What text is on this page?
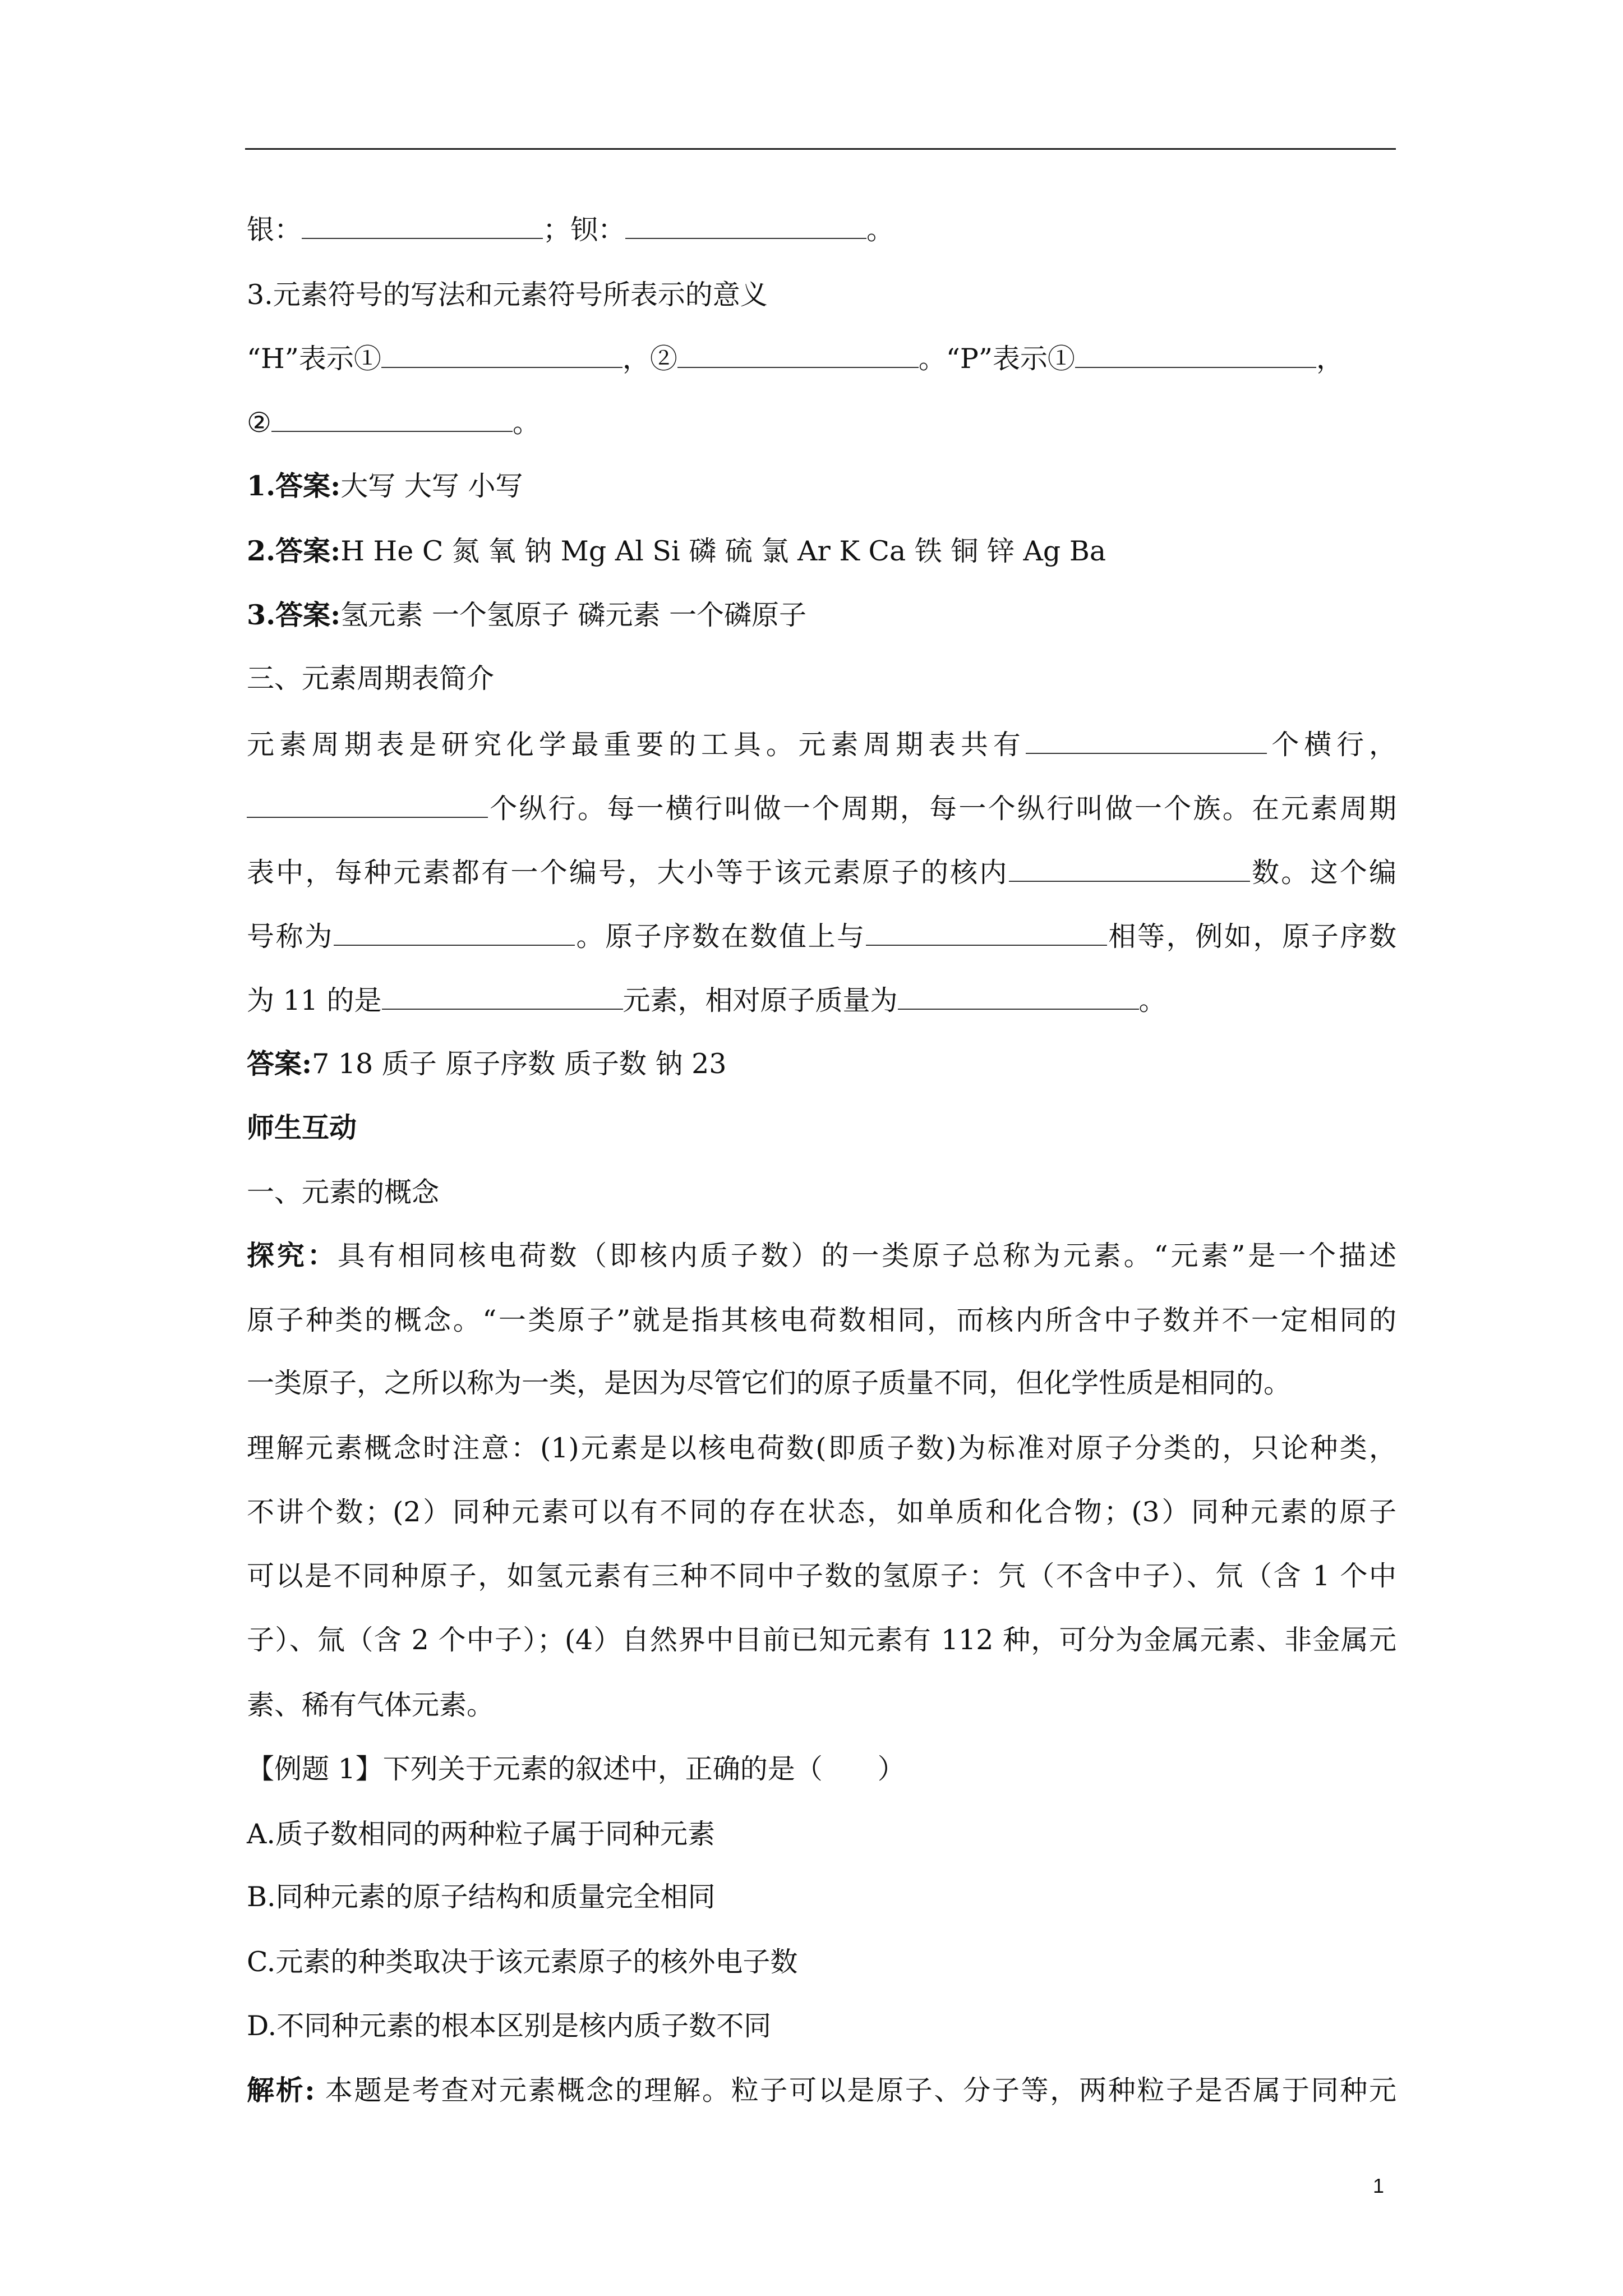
银：	；钡：	。
3.元素符号的写法和元素符号所表示的意义
“H”表示①	，②	。“P”表示①	，
②	。
1.答案:大写 大写 小写
2.答案:H He C 氮 氧 钠 Mg Al Si 磷 硫 氯 Ar K Ca 铁 铜 锌 Ag Ba
3.答案:氢元素 一个氢原子 磷元素 一个磷原子
三、元素周期表简介
元素周期表是研究化学最重要的工具。元素周期表共有	个横行，
个纵行。每一横行叫做一个周期，每一个纵行叫做一个族。在元素周期
表中，每种元素都有一个编号，大小等于该元素原子的核内	数。这个编
号称为	。原子序数在数值上与	相等，例如，原子序数
为 11 的是	元素，相对原子质量为	。
答案:7 18 质子 原子序数 质子数 钠 23
师生互动
一、元素的概念
探究：具有相同核电荷数（即核内质子数）的一类原子总称为元素。“元素”是一个描述
原子种类的概念。“一类原子”就是指其核电荷数相同，而核内所含中子数并不一定相同的
一类原子，之所以称为一类，是因为尽管它们的原子质量不同，但化学性质是相同的。
理解元素概念时注意：(1)元素是以核电荷数(即质子数)为标准对原子分类的，只论种类，
不讲个数；(2）同种元素可以有不同的存在状态，如单质和化合物；(3）同种元素的原子
可以是不同种原子，如氢元素有三种不同中子数的氢原子：氕（不含中子）、氘（含 1 个中
子）、氚（含 2 个中子）；(4）自然界中目前已知元素有 112 种，可分为金属元素、非金属元
素、稀有气体元素。
【例题 1】下列关于元素的叙述中，正确的是（　　）
A.质子数相同的两种粒子属于同种元素
B.同种元素的原子结构和质量完全相同
C.元素的种类取决于该元素原子的核外电子数
D.不同种元素的根本区别是核内质子数不同
解析: 本题是考查对元素概念的理解。粒子可以是原子、分子等，两种粒子是否属于同种元
1
